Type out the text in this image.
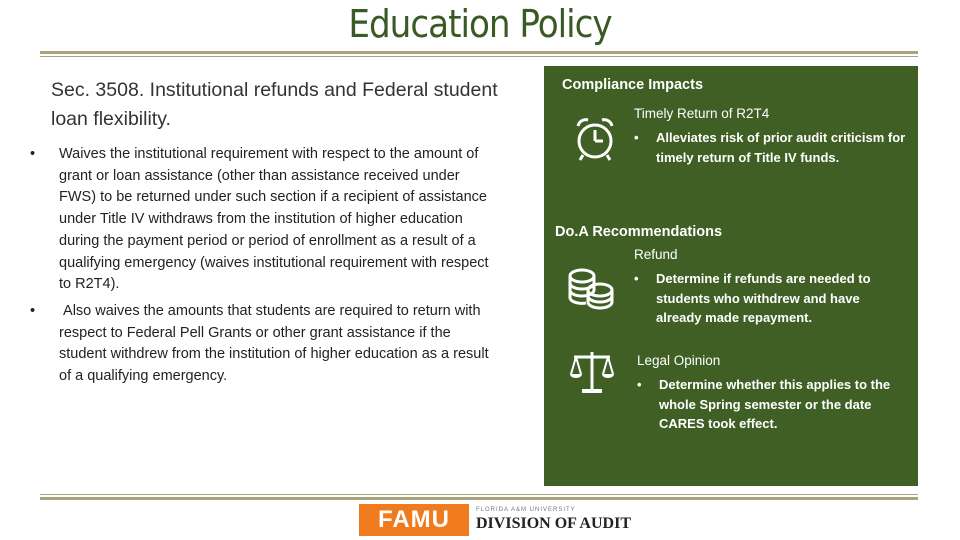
Education Policy
Sec. 3508. Institutional refunds and Federal student loan flexibility.
• Waives the institutional requirement with respect to the amount of grant or loan assistance (other than assistance received under FWS) to be returned under such section if a recipient of assistance under Title IV withdraws from the institution of higher education during the payment period or period of enrollment as a result of a qualifying emergency (waives institutional requirement with respect to R2T4).
• Also waives the amounts that students are required to return with respect to Federal Pell Grants or other grant assistance if the student withdrew from the institution of higher education as a result of a qualifying emergency.
Compliance Impacts
Timely Return of R2T4
• Alleviates risk of prior audit criticism for timely return of Title IV funds.
Do.A Recommendations
Refund
• Determine if refunds are needed to students who withdrew and have already made repayment.
Legal Opinion
• Determine whether this applies to the whole Spring semester or the date CARES took effect.
FAMU	FLORIDA A&M UNIVERSITY
DIVISION OF AUDIT
